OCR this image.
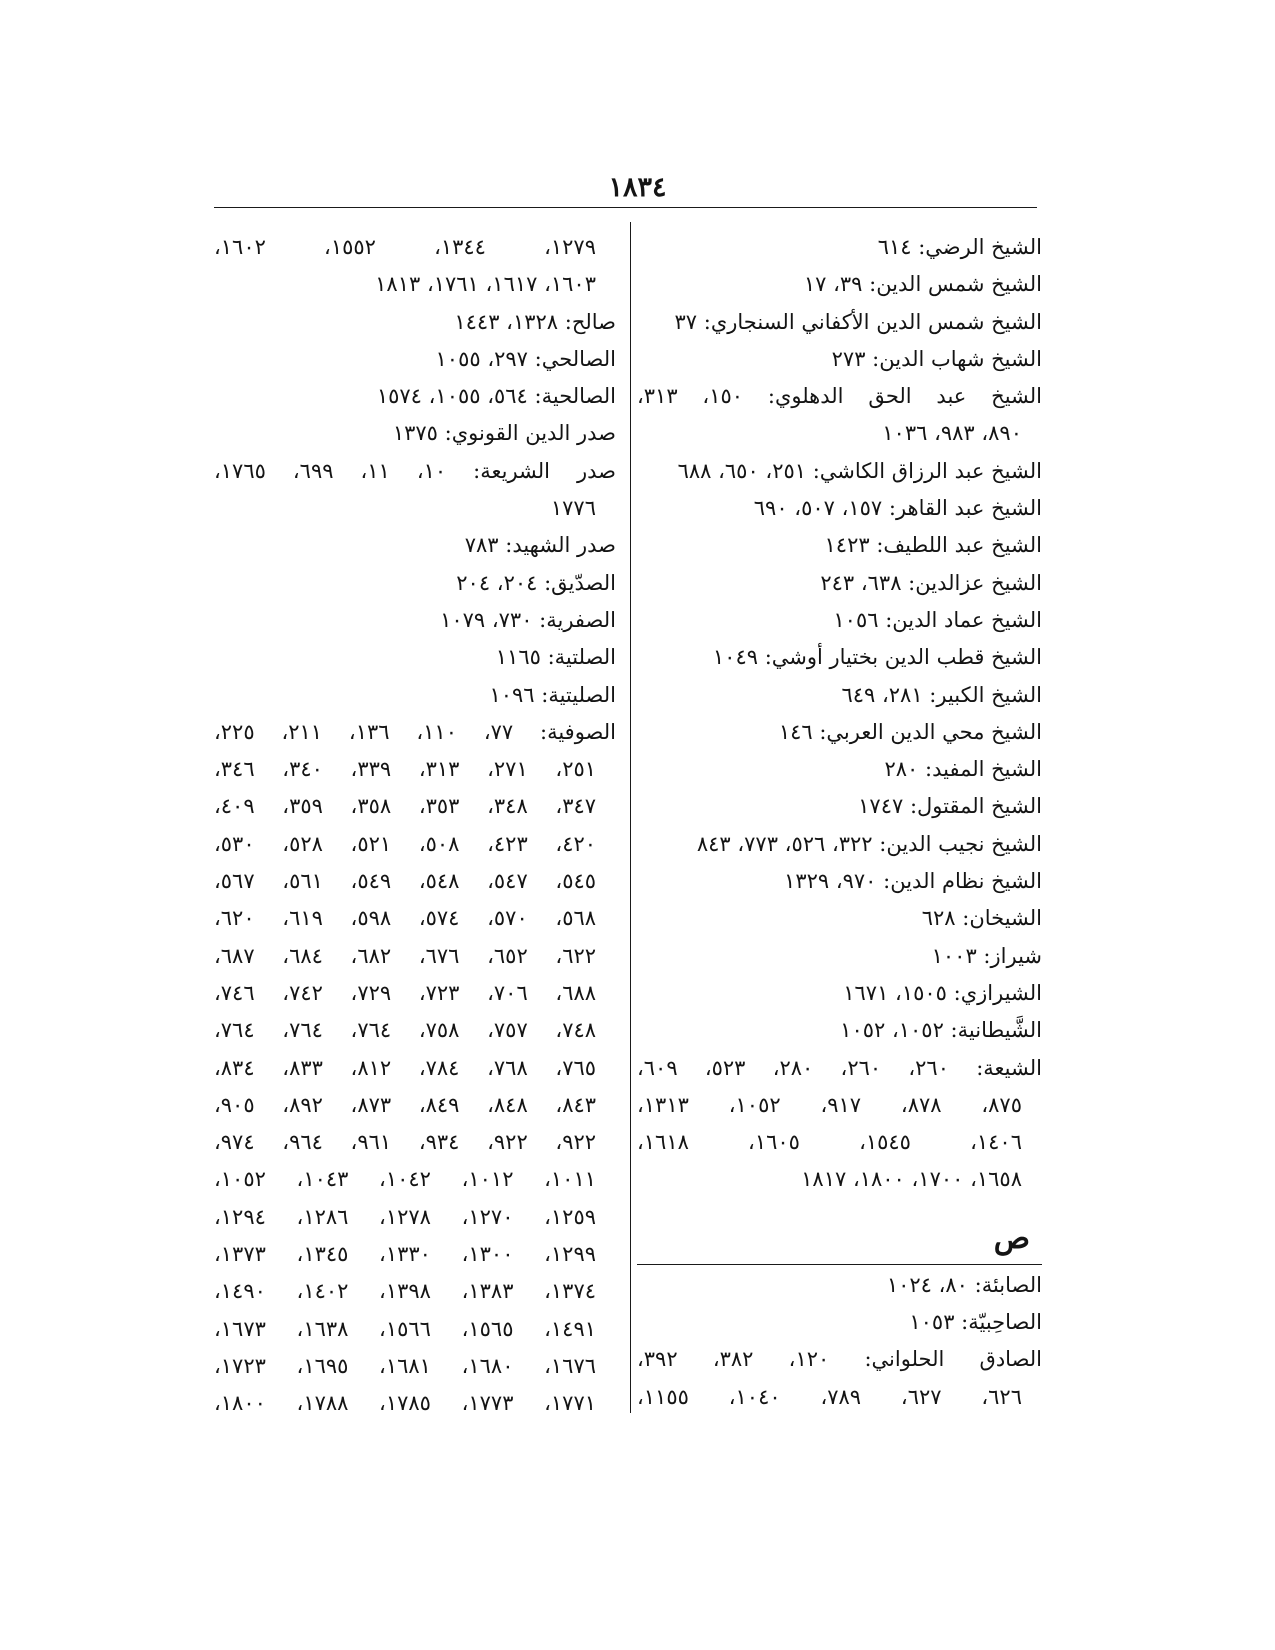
١٨٣٤
الشيخ الرضي: ٦١٤
الشيخ شمس الدين: ٣٩، ١٧
الشيخ شمس الدين الأكفاني السنجاري: ٣٧
الشيخ شهاب الدين: ٢٧٣
الشيخ عبد الحق الدهلوي: ١٥٠، ٣١٣،
٨٩٠، ٩٨٣، ١٠٣٦
الشيخ عبد الرزاق الكاشي: ٢٥١، ٦٥٠، ٦٨٨
الشيخ عبد القاهر: ١٥٧، ٥٠٧، ٦٩٠
الشيخ عبد اللطيف: ١٤٢٣
الشيخ عزالدين: ٦٣٨، ٢٤٣
الشيخ عماد الدين: ١٠٥٦
الشيخ قطب الدين بختيار أوشي: ١٠٤٩
الشيخ الكبير: ٢٨١، ٦٤٩
الشيخ محي الدين العربي: ١٤٦
الشيخ المفيد: ٢٨٠
الشيخ المقتول: ١٧٤٧
الشيخ نجيب الدين: ٣٢٢، ٥٢٦، ٧٧٣، ٨٤٣
الشيخ نظام الدين: ٩٧٠، ١٣٢٩
الشيخان: ٦٢٨
شيراز: ١٠٠٣
الشيرازي: ١٥٠٥، ١٦٧١
الشَّيطانية: ١٠٥٢، ١٠٥٢
الشيعة: ٢٦٠، ٢٦٠، ٢٨٠، ٥٢٣، ٦٠٩،
٨٧٥، ٨٧٨، ٩١٧، ١٠٥٢، ١٣١٣،
١٤٠٦، ١٥٤٥، ١٦٠٥، ١٦١٨،
١٦٥٨، ١٧٠٠، ١٨٠٠، ١٨١٧
ص
الصابئة: ٨٠، ١٠٢٤
الصاحِبيّة: ١٠٥٣
الصادق الحلواني: ١٢٠، ٣٨٢، ٣٩٢،
٦٢٦، ٦٢٧، ٧٨٩، ١٠٤٠، ١١٥٥،
١٢٧٩، ١٣٤٤، ١٥٥٢، ١٦٠٢،
١٦٠٣، ١٦١٧، ١٧٦١، ١٨١٣
صالح: ١٣٢٨، ١٤٤٣
الصالحي: ٢٩٧، ١٠٥٥
الصالحية: ٥٦٤، ١٠٥٥، ١٥٧٤
صدر الدين القونوي: ١٣٧٥
صدر الشريعة: ١٠، ١١، ٦٩٩، ١٧٦٥،
١٧٧٦
صدر الشهيد: ٧٨٣
الصدّيق: ٢٠٤، ٢٠٤
الصفرية: ٧٣٠، ١٠٧٩
الصلتية: ١١٦٥
الصليتية: ١٠٩٦
الصوفية: ٧٧، ١١٠، ١٣٦، ٢١١، ٢٢٥،
٢٥١، ٢٧١، ٣١٣، ٣٣٩، ٣٤٠، ٣٤٦،
٣٤٧، ٣٤٨، ٣٥٣، ٣٥٨، ٣٥٩، ٤٠٩،
٤٢٠، ٤٢٣، ٥٠٨، ٥٢١، ٥٢٨، ٥٣٠،
٥٤٥، ٥٤٧، ٥٤٨، ٥٤٩، ٥٦١، ٥٦٧،
٥٦٨، ٥٧٠، ٥٧٤، ٥٩٨، ٦١٩، ٦٢٠،
٦٢٢، ٦٥٢، ٦٧٦، ٦٨٢، ٦٨٤، ٦٨٧،
٦٨٨، ٧٠٦، ٧٢٣، ٧٢٩، ٧٤٢، ٧٤٦،
٧٤٨، ٧٥٧، ٧٥٨، ٧٦٤، ٧٦٤، ٧٦٤،
٧٦٥، ٧٦٨، ٧٨٤، ٨١٢، ٨٣٣، ٨٣٤،
٨٤٣، ٨٤٨، ٨٤٩، ٨٧٣، ٨٩٢، ٩٠٥،
٩٢٢، ٩٢٢، ٩٣٤، ٩٦١، ٩٦٤، ٩٧٤،
١٠١١، ١٠١٢، ١٠٤٢، ١٠٤٣، ١٠٥٢،
١٢٥٩، ١٢٧٠، ١٢٧٨، ١٢٨٦، ١٢٩٤،
١٢٩٩، ١٣٠٠، ١٣٣٠، ١٣٤٥، ١٣٧٣،
١٣٧٤، ١٣٨٣، ١٣٩٨، ١٤٠٢، ١٤٩٠،
١٤٩١، ١٥٦٥، ١٥٦٦، ١٦٣٨، ١٦٧٣،
١٦٧٦، ١٦٨٠، ١٦٨١، ١٦٩٥، ١٧٢٣،
١٧٧١، ١٧٧٣، ١٧٨٥، ١٧٨٨، ١٨٠٠،
